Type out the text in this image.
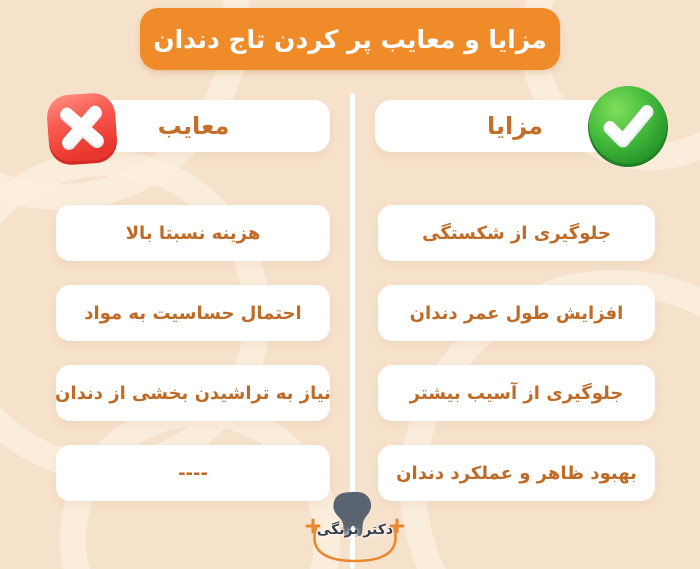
مزایا و معایب پر کردن تاج دندان
مزایا
معایب
جلوگیری از شکستگی
افزایش طول عمر دندان
جلوگیری از آسیب بیشتر
بهبود ظاهر و عملکرد دندان
هزینه نسبتا بالا
احتمال حساسیت به مواد
نیاز به تراشیدن بخشی از دندان
----
دکتر برنگی
